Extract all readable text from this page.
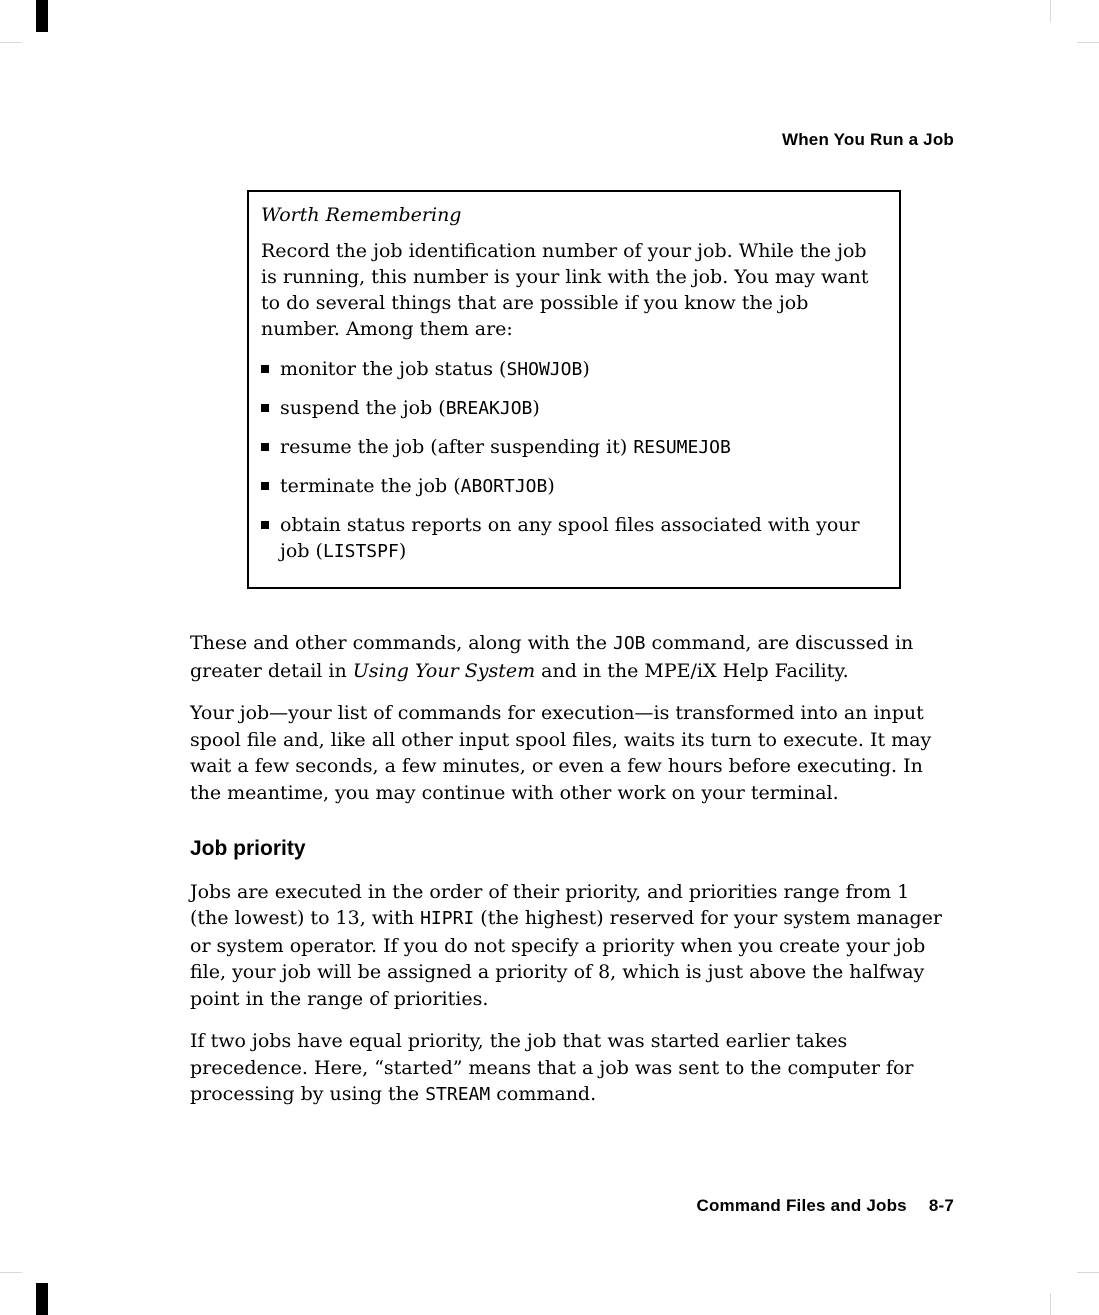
When You Run a Job
Worth Remembering

Record the job identification number of your job. While the job is running, this number is your link with the job. You may want to do several things that are possible if you know the job number. Among them are:

monitor the job status (SHOWJOB)
suspend the job (BREAKJOB)
resume the job (after suspending it) RESUMEJOB
terminate the job (ABORTJOB)
obtain status reports on any spool files associated with your job (LISTSPF)

These and other commands, along with the JOB command, are discussed in greater detail in Using Your System and in the MPE/iX Help Facility.

Your job—your list of commands for execution—is transformed into an input spool file and, like all other input spool files, waits its turn to execute. It may wait a few seconds, a few minutes, or even a few hours before executing. In the meantime, you may continue with other work on your terminal.

Job priority

Jobs are executed in the order of their priority, and priorities range from 1 (the lowest) to 13, with HIPRI (the highest) reserved for your system manager or system operator. If you do not specify a priority when you create your job file, your job will be assigned a priority of 8, which is just above the halfway point in the range of priorities.

If two jobs have equal priority, the job that was started earlier takes precedence. Here, “started” means that a job was sent to the computer for processing by using the STREAM command.

Command Files and Jobs 8-7
